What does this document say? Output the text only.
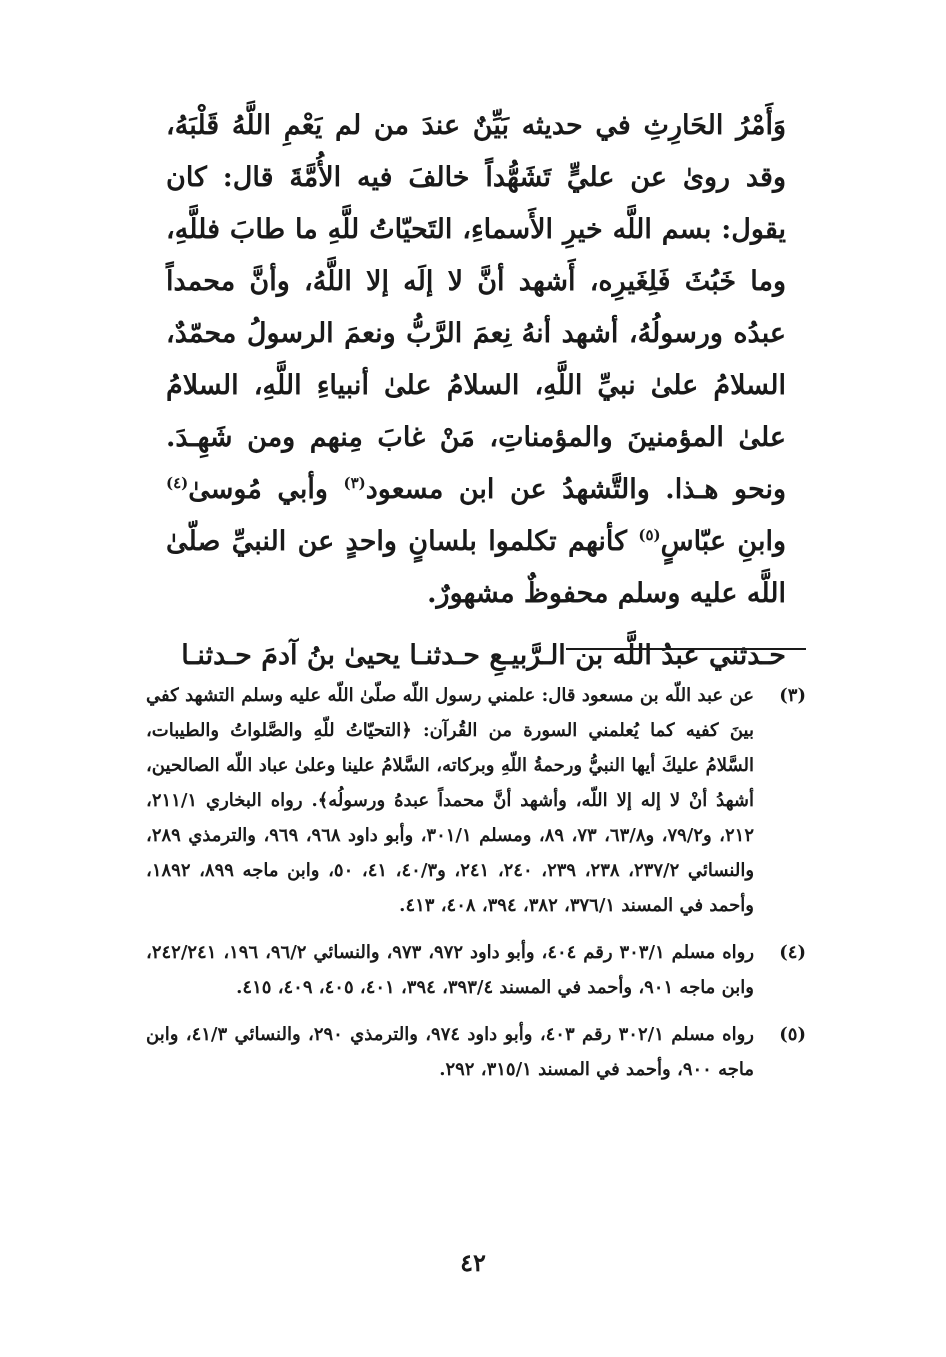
وَأَمْرُ الحَارِثِ في حديثه بَيِّنٌ عندَ من لم يَعْمِ اللَّهُ قَلْبَهُ، وقد روىٰ عن عليٍّ تَشَهُّداً خالفَ فيه الأُمَّةَ قال: كان يقول: بسم اللَّه خيرِ الأَسماءِ، التَحيّاتُ للَّهِ ما طابَ فللَّهِ، وما خَبُثَ فَلِغَيرِه، أَشهد أنَّ لا إلَه إلا اللَّهُ، وأنَّ محمداً عبدُه ورسولُهُ، أشهد أنهُ نِعمَ الرَّبُّ ونعمَ الرسولُ محمّدٌ، السلامُ علىٰ نبيِّ اللَّهِ، السلامُ علىٰ أنبياءِ اللَّهِ، السلامُ علىٰ المؤمنينَ والمؤمناتِ، مَنْ غابَ مِنهم ومن شَهِـدَ. ونحو هـذا. والتَّشهدُ عن ابن مسعود$^{(٣)}$ وأبي مُوسىٰ$^{(٤)}$ وابنِ عبّاسٍ$^{(٥)}$ كأنهم تكلموا بلسانٍ واحدٍ عن النبيِّ صلّىٰ اللَّه عليه وسلم محفوظٌ مشهورٌ.

حـدثني عبدُ اللَّه بن الـرَّبيـعِ حـدثنـا يحيىٰ بنُ آدمَ حـدثنـا

(٣)
عن عبد اللّه بن مسعود قال: علمني رسول اللّه صلّىٰ اللّه عليه وسلم التشهد كفي بينَ كفيه كما يُعلمني السورة من القُرآن: ﴿التحيّاتُ للّهِ والصَّلواتُ والطيبات، السَّلامُ عليكَ أيها النبيُّ ورحمةُ اللّهِ وبركاته، السَّلامُ علينا وعلىٰ عباد اللّه الصالحين، أشهدُ أنْ لا إله إلا اللّه، وأشهد أنَّ محمداً عبدهُ ورسولُه﴾. رواه البخاري ٢١١/١، ٢١٢، و٧٩/٢، و٦٣/٨، ٧٣، ٨٩، ومسلم ٣٠١/١، وأبو داود ٩٦٨، ٩٦٩، والترمذي ٢٨٩، والنسائي ٢٣٧/٢، ٢٣٨، ٢٣٩، ٢٤٠، ٢٤١، و٤٠/٣، ٤١، ٥٠، وابن ماجه ٨٩٩، ١٨٩٢، وأحمد في المسند ٣٧٦/١، ٣٨٢، ٣٩٤، ٤٠٨، ٤١٣.
(٤)
رواه مسلم ٣٠٣/١ رقم ٤٠٤، وأبو داود ٩٧٢، ٩٧٣، والنسائي ٩٦/٢، ١٩٦، ٢٤٢/٢٤١، وابن ماجه ٩٠١، وأحمد في المسند ٣٩٣/٤، ٣٩٤، ٤٠١، ٤٠٥، ٤٠٩، ٤١٥.
(٥)
رواه مسلم ٣٠٢/١ رقم ٤٠٣، وأبو داود ٩٧٤، والترمذي ٢٩٠، والنسائي ٤١/٣، وابن ماجه ٩٠٠، وأحمد في المسند ٣١٥/١، ٢٩٢.
٤٢
